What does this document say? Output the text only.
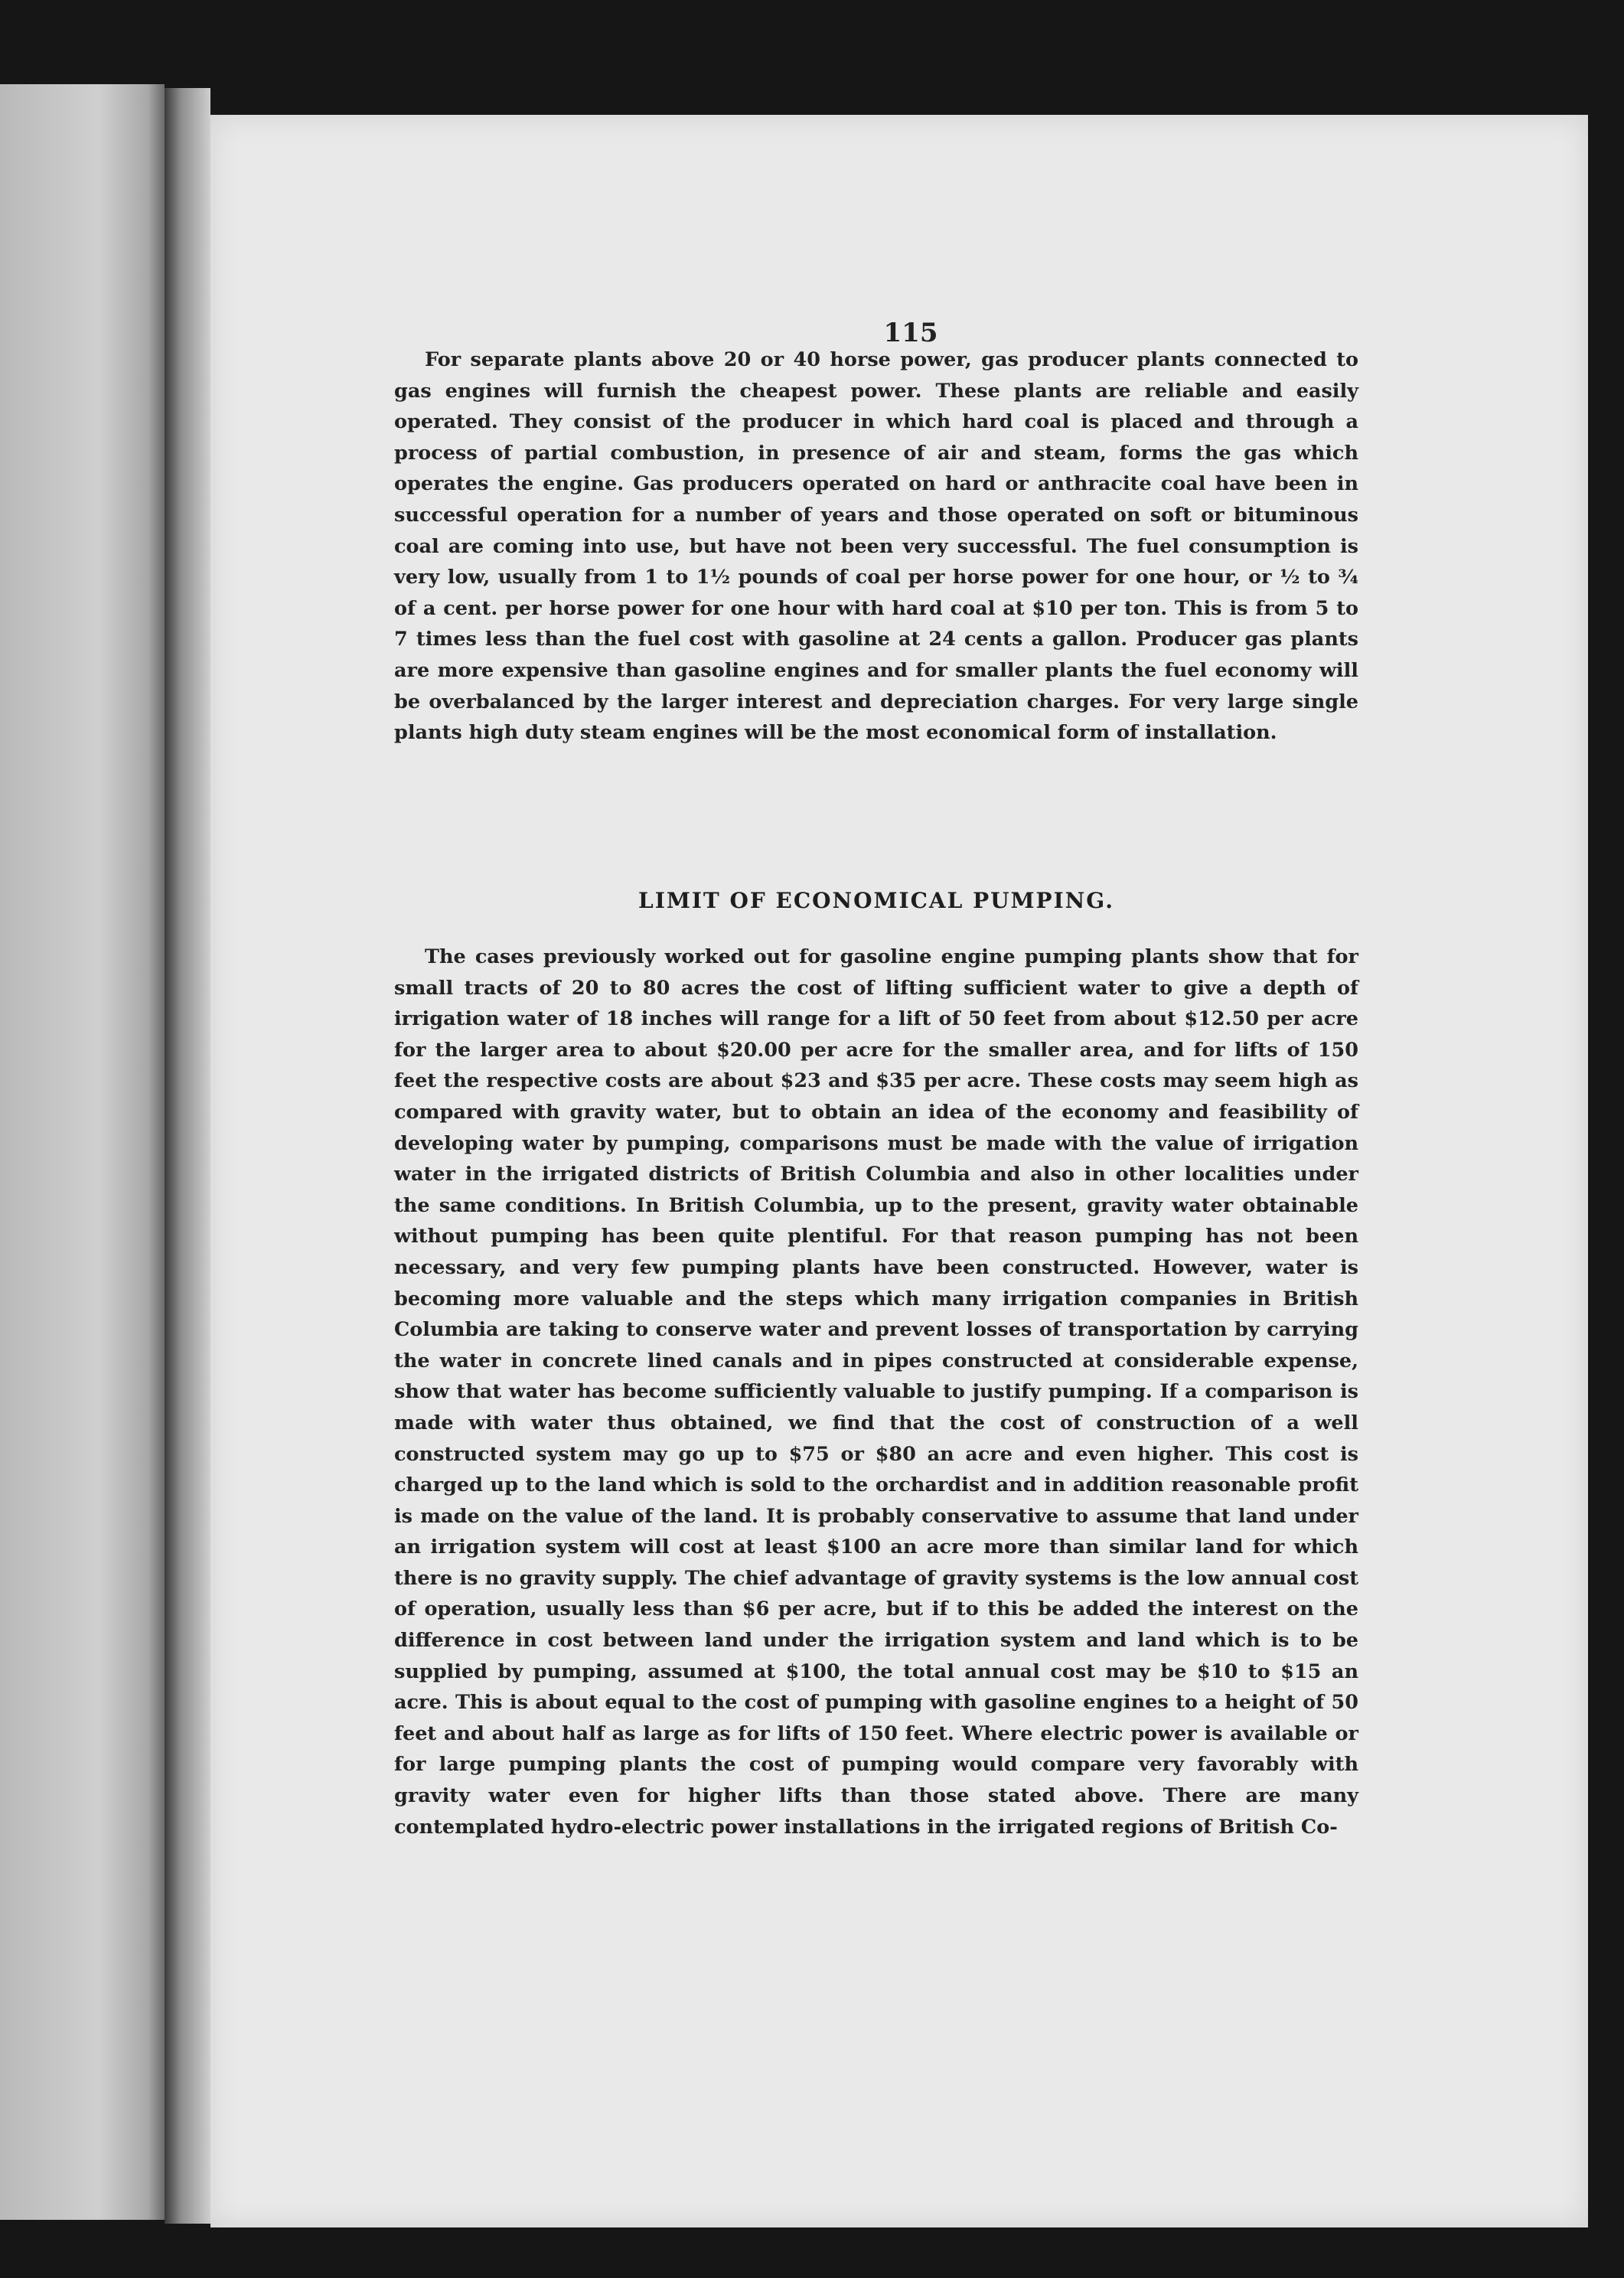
115

For separate plants above 20 or 40 horse power, gas producer plants connected to gas engines will furnish the cheapest power. These plants are reliable and easily operated. They consist of the producer in which hard coal is placed and through a process of partial combustion, in presence of air and steam, forms the gas which operates the engine. Gas producers operated on hard or anthracite coal have been in successful operation for a number of years and those operated on soft or bituminous coal are coming into use, but have not been very successful. The fuel consumption is very low, usually from 1 to 1½ pounds of coal per horse power for one hour, or ½ to ¾ of a cent. per horse power for one hour with hard coal at $10 per ton. This is from 5 to 7 times less than the fuel cost with gasoline at 24 cents a gallon. Producer gas plants are more expensive than gasoline engines and for smaller plants the fuel economy will be overbalanced by the larger interest and depreciation charges. For very large single plants high duty steam engines will be the most economical form of installation.

LIMIT OF ECONOMICAL PUMPING.

The cases previously worked out for gasoline engine pumping plants show that for small tracts of 20 to 80 acres the cost of lifting sufficient water to give a depth of irrigation water of 18 inches will range for a lift of 50 feet from about $12.50 per acre for the larger area to about $20.00 per acre for the smaller area, and for lifts of 150 feet the respective costs are about $23 and $35 per acre. These costs may seem high as compared with gravity water, but to obtain an idea of the economy and feasibility of developing water by pumping, comparisons must be made with the value of irrigation water in the irrigated districts of British Columbia and also in other localities under the same conditions. In British Columbia, up to the present, gravity water obtainable without pumping has been quite plentiful. For that reason pumping has not been necessary, and very few pumping plants have been constructed. However, water is becoming more valuable and the steps which many irrigation companies in British Columbia are taking to conserve water and prevent losses of transportation by carrying the water in concrete lined canals and in pipes constructed at considerable expense, show that water has become sufficiently valuable to justify pumping. If a comparison is made with water thus obtained, we find that the cost of construction of a well constructed system may go up to $75 or $80 an acre and even higher. This cost is charged up to the land which is sold to the orchardist and in addition reasonable profit is made on the value of the land. It is probably conservative to assume that land under an irrigation system will cost at least $100 an acre more than similar land for which there is no gravity supply. The chief advantage of gravity systems is the low annual cost of operation, usually less than $6 per acre, but if to this be added the interest on the difference in cost between land under the irrigation system and land which is to be supplied by pumping, assumed at $100, the total annual cost may be $10 to $15 an acre. This is about equal to the cost of pumping with gasoline engines to a height of 50 feet and about half as large as for lifts of 150 feet. Where electric power is available or for large pumping plants the cost of pumping would compare very favorably with gravity water even for higher lifts than those stated above. There are many contemplated hydro-electric power installations in the irrigated regions of British Co-
